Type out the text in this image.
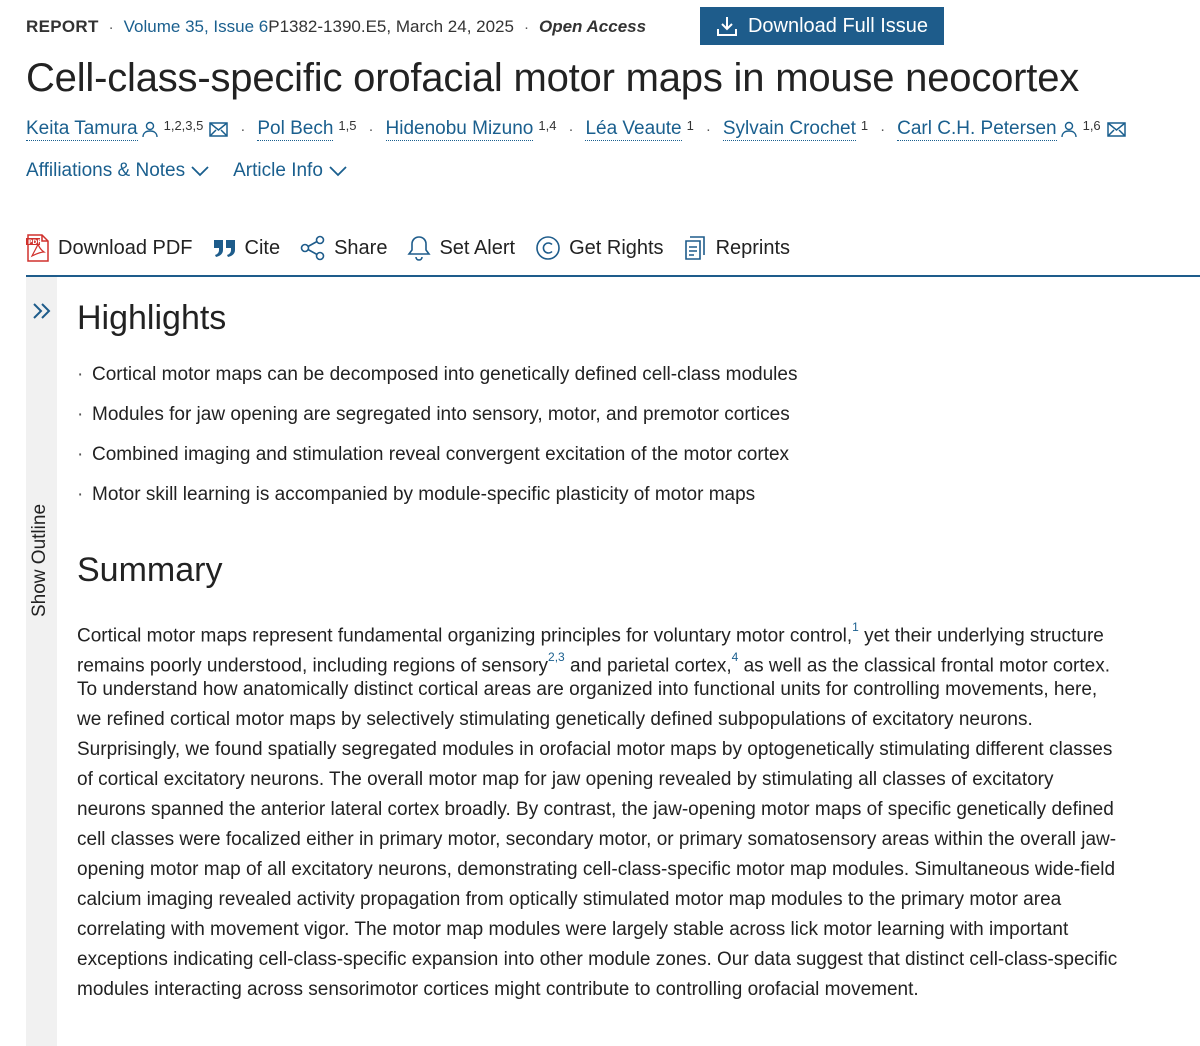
REPORT · Volume 35, Issue 6 P1382-1390.E5, March 24, 2025 · Open Access	Download Full Issue
Cell-class-specific orofacial motor maps in mouse neocortex
Keita Tamura $^{1,2,3,5}$ · Pol Bech $^{1,5}$ · Hidenobu Mizuno $^{1,4}$ · Léa Veaute $^1$ · Sylvain Crochet $^1$ · Carl C.H. Petersen $^{1,6}$
Affiliations & Notes	Article Info
PDF Download PDF	Cite	Share	Set Alert	Get Rights	Reprints
Show Outline
Highlights
· Cortical motor maps can be decomposed into genetically defined cell-class modules
· Modules for jaw opening are segregated into sensory, motor, and premotor cortices
· Combined imaging and stimulation reveal convergent excitation of the motor cortex
· Motor skill learning is accompanied by module-specific plasticity of motor maps
Summary
Cortical motor maps represent fundamental organizing principles for voluntary motor control,$^1$ yet their underlying structure
remains poorly understood, including regions of sensory$^{2,3}$ and parietal cortex,$^4$ as well as the classical frontal motor cortex.
To understand how anatomically distinct cortical areas are organized into functional units for controlling movements, here,
we refined cortical motor maps by selectively stimulating genetically defined subpopulations of excitatory neurons.
Surprisingly, we found spatially segregated modules in orofacial motor maps by optogenetically stimulating different classes
of cortical excitatory neurons. The overall motor map for jaw opening revealed by stimulating all classes of excitatory
neurons spanned the anterior lateral cortex broadly. By contrast, the jaw-opening motor maps of specific genetically defined
cell classes were focalized either in primary motor, secondary motor, or primary somatosensory areas within the overall jaw-
opening motor map of all excitatory neurons, demonstrating cell-class-specific motor map modules. Simultaneous wide-field
calcium imaging revealed activity propagation from optically stimulated motor map modules to the primary motor area
correlating with movement vigor. The motor map modules were largely stable across lick motor learning with important
exceptions indicating cell-class-specific expansion into other module zones. Our data suggest that distinct cell-class-specific
modules interacting across sensorimotor cortices might contribute to controlling orofacial movement.
